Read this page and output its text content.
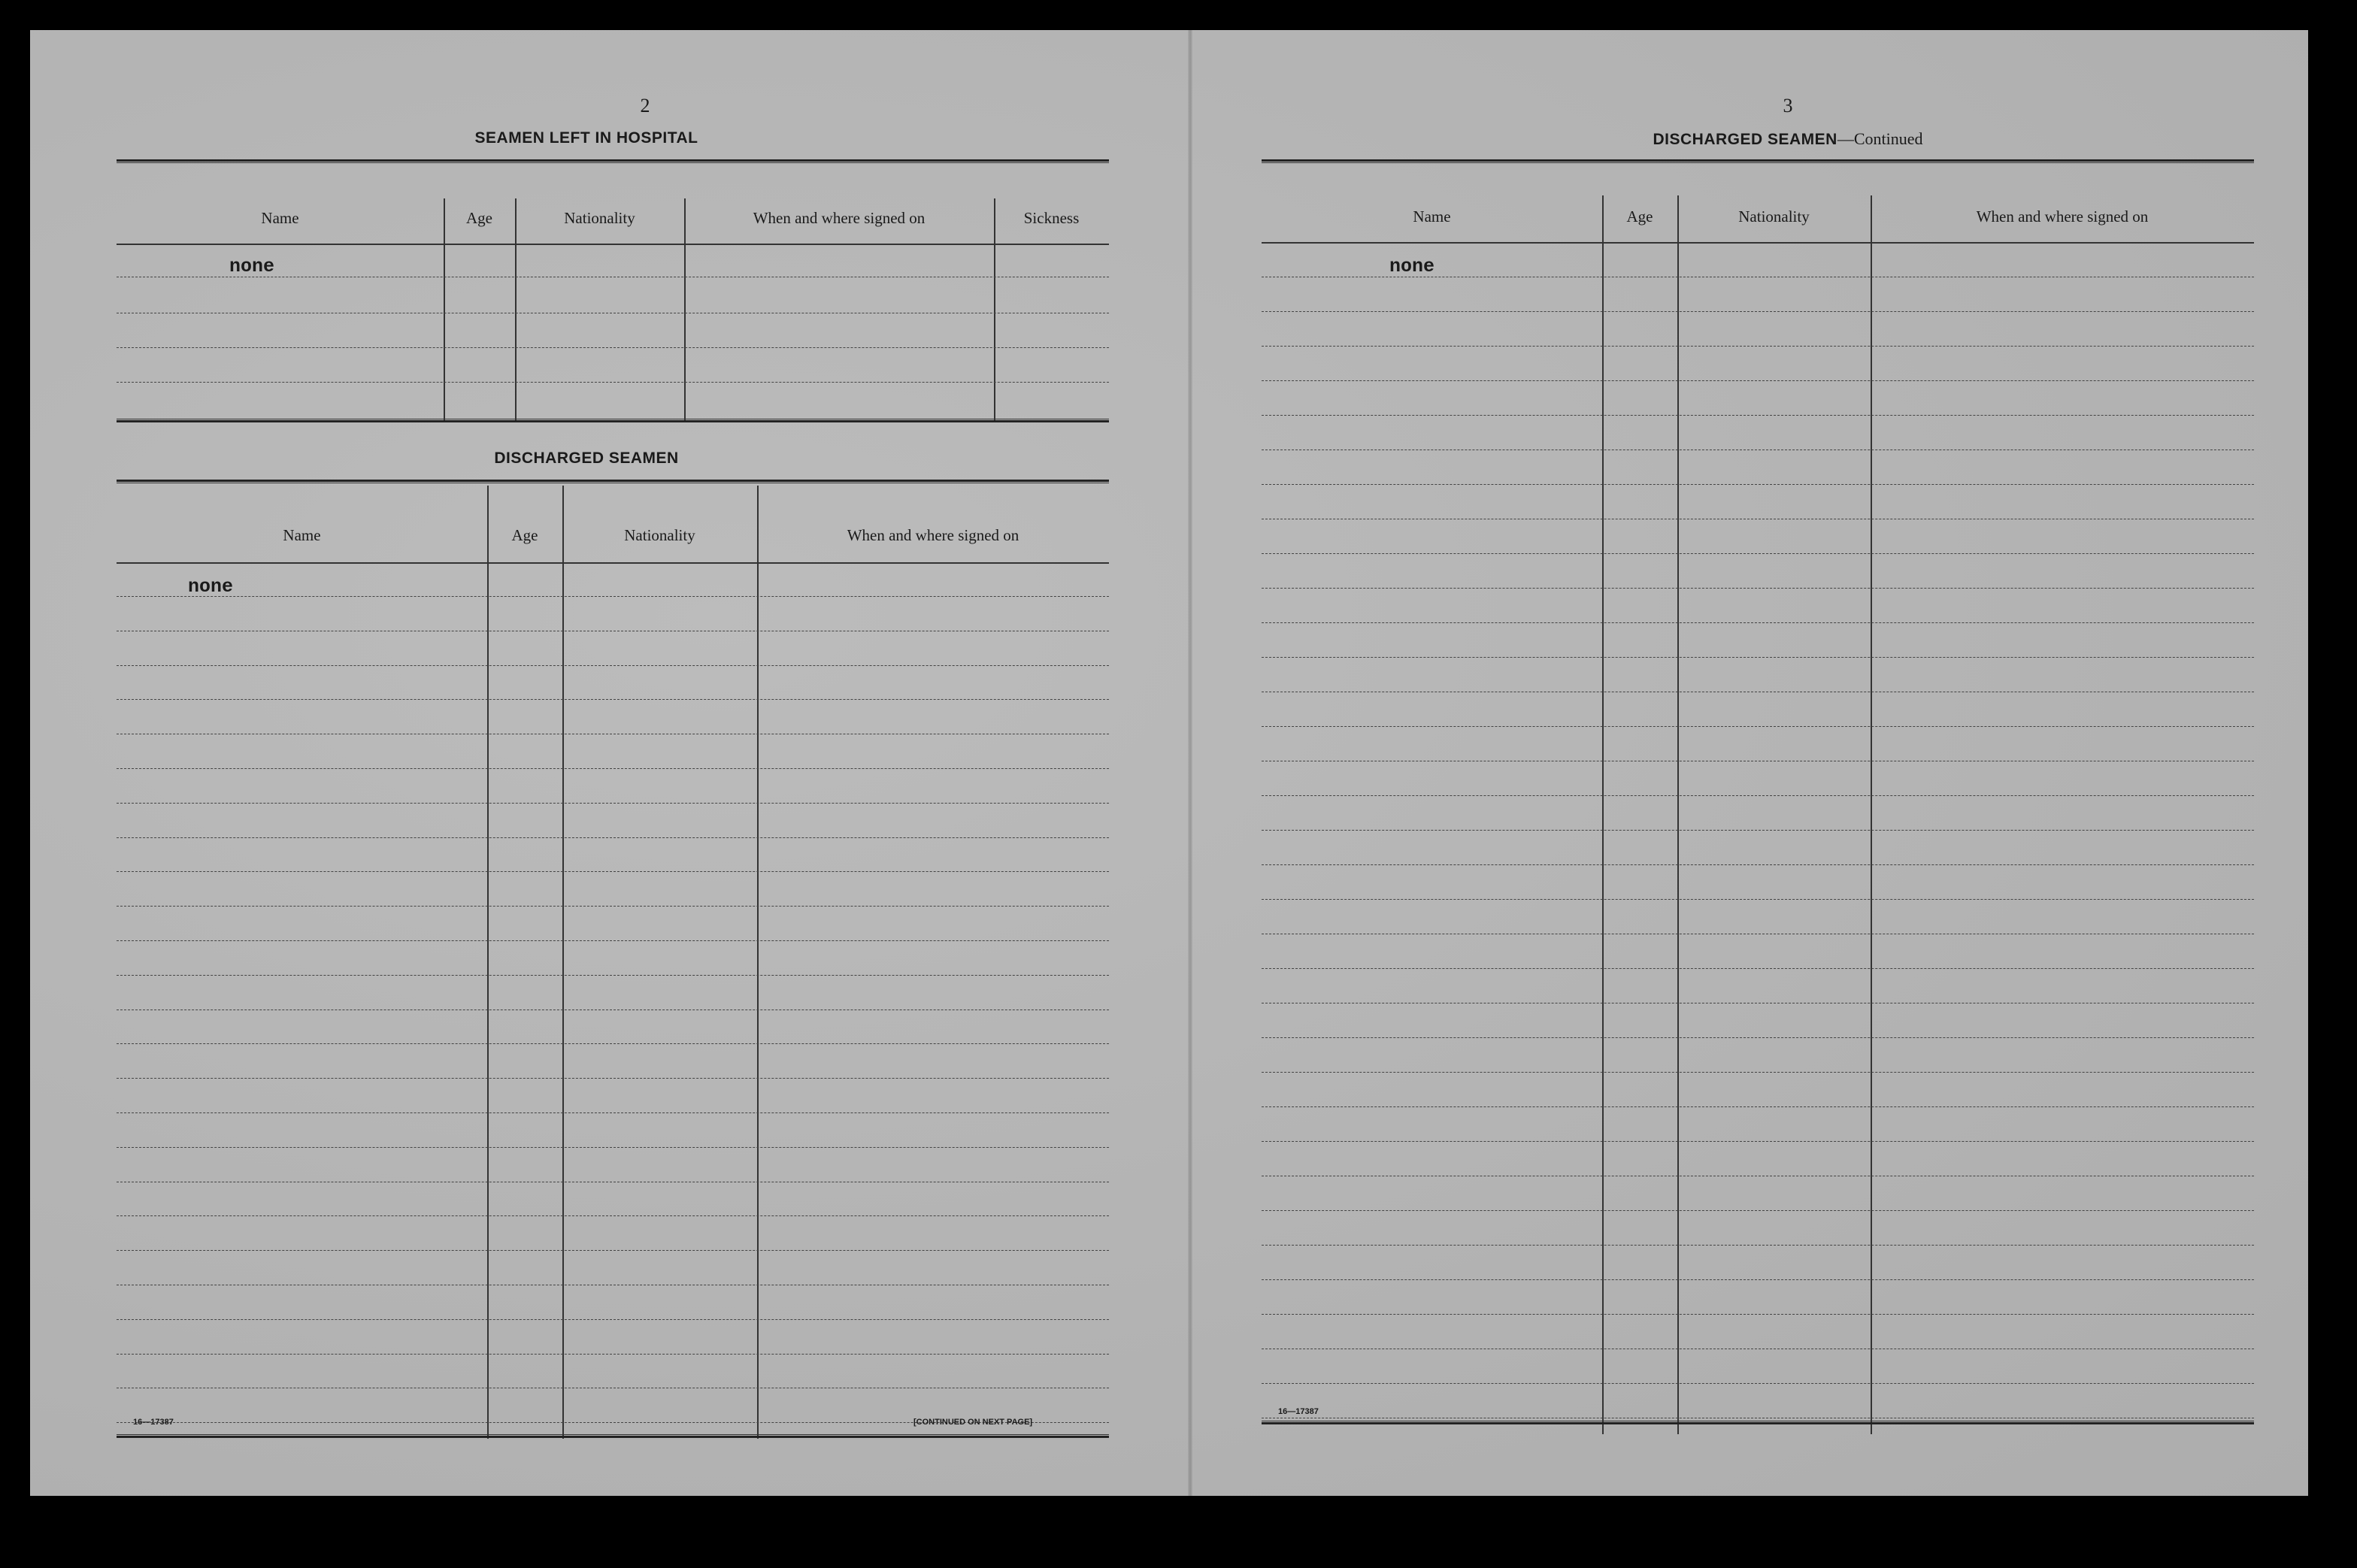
2
SEAMEN LEFT IN HOSPITAL
Name	Age	Nationality	When and where signed on	Sickness
none
DISCHARGED SEAMEN
Name	Age	Nationality	When and where signed on
none
16—17387	[CONTINUED ON NEXT PAGE]
3
DISCHARGED SEAMEN—Continued
Name	Age	Nationality	When and where signed on
none
16—17387
